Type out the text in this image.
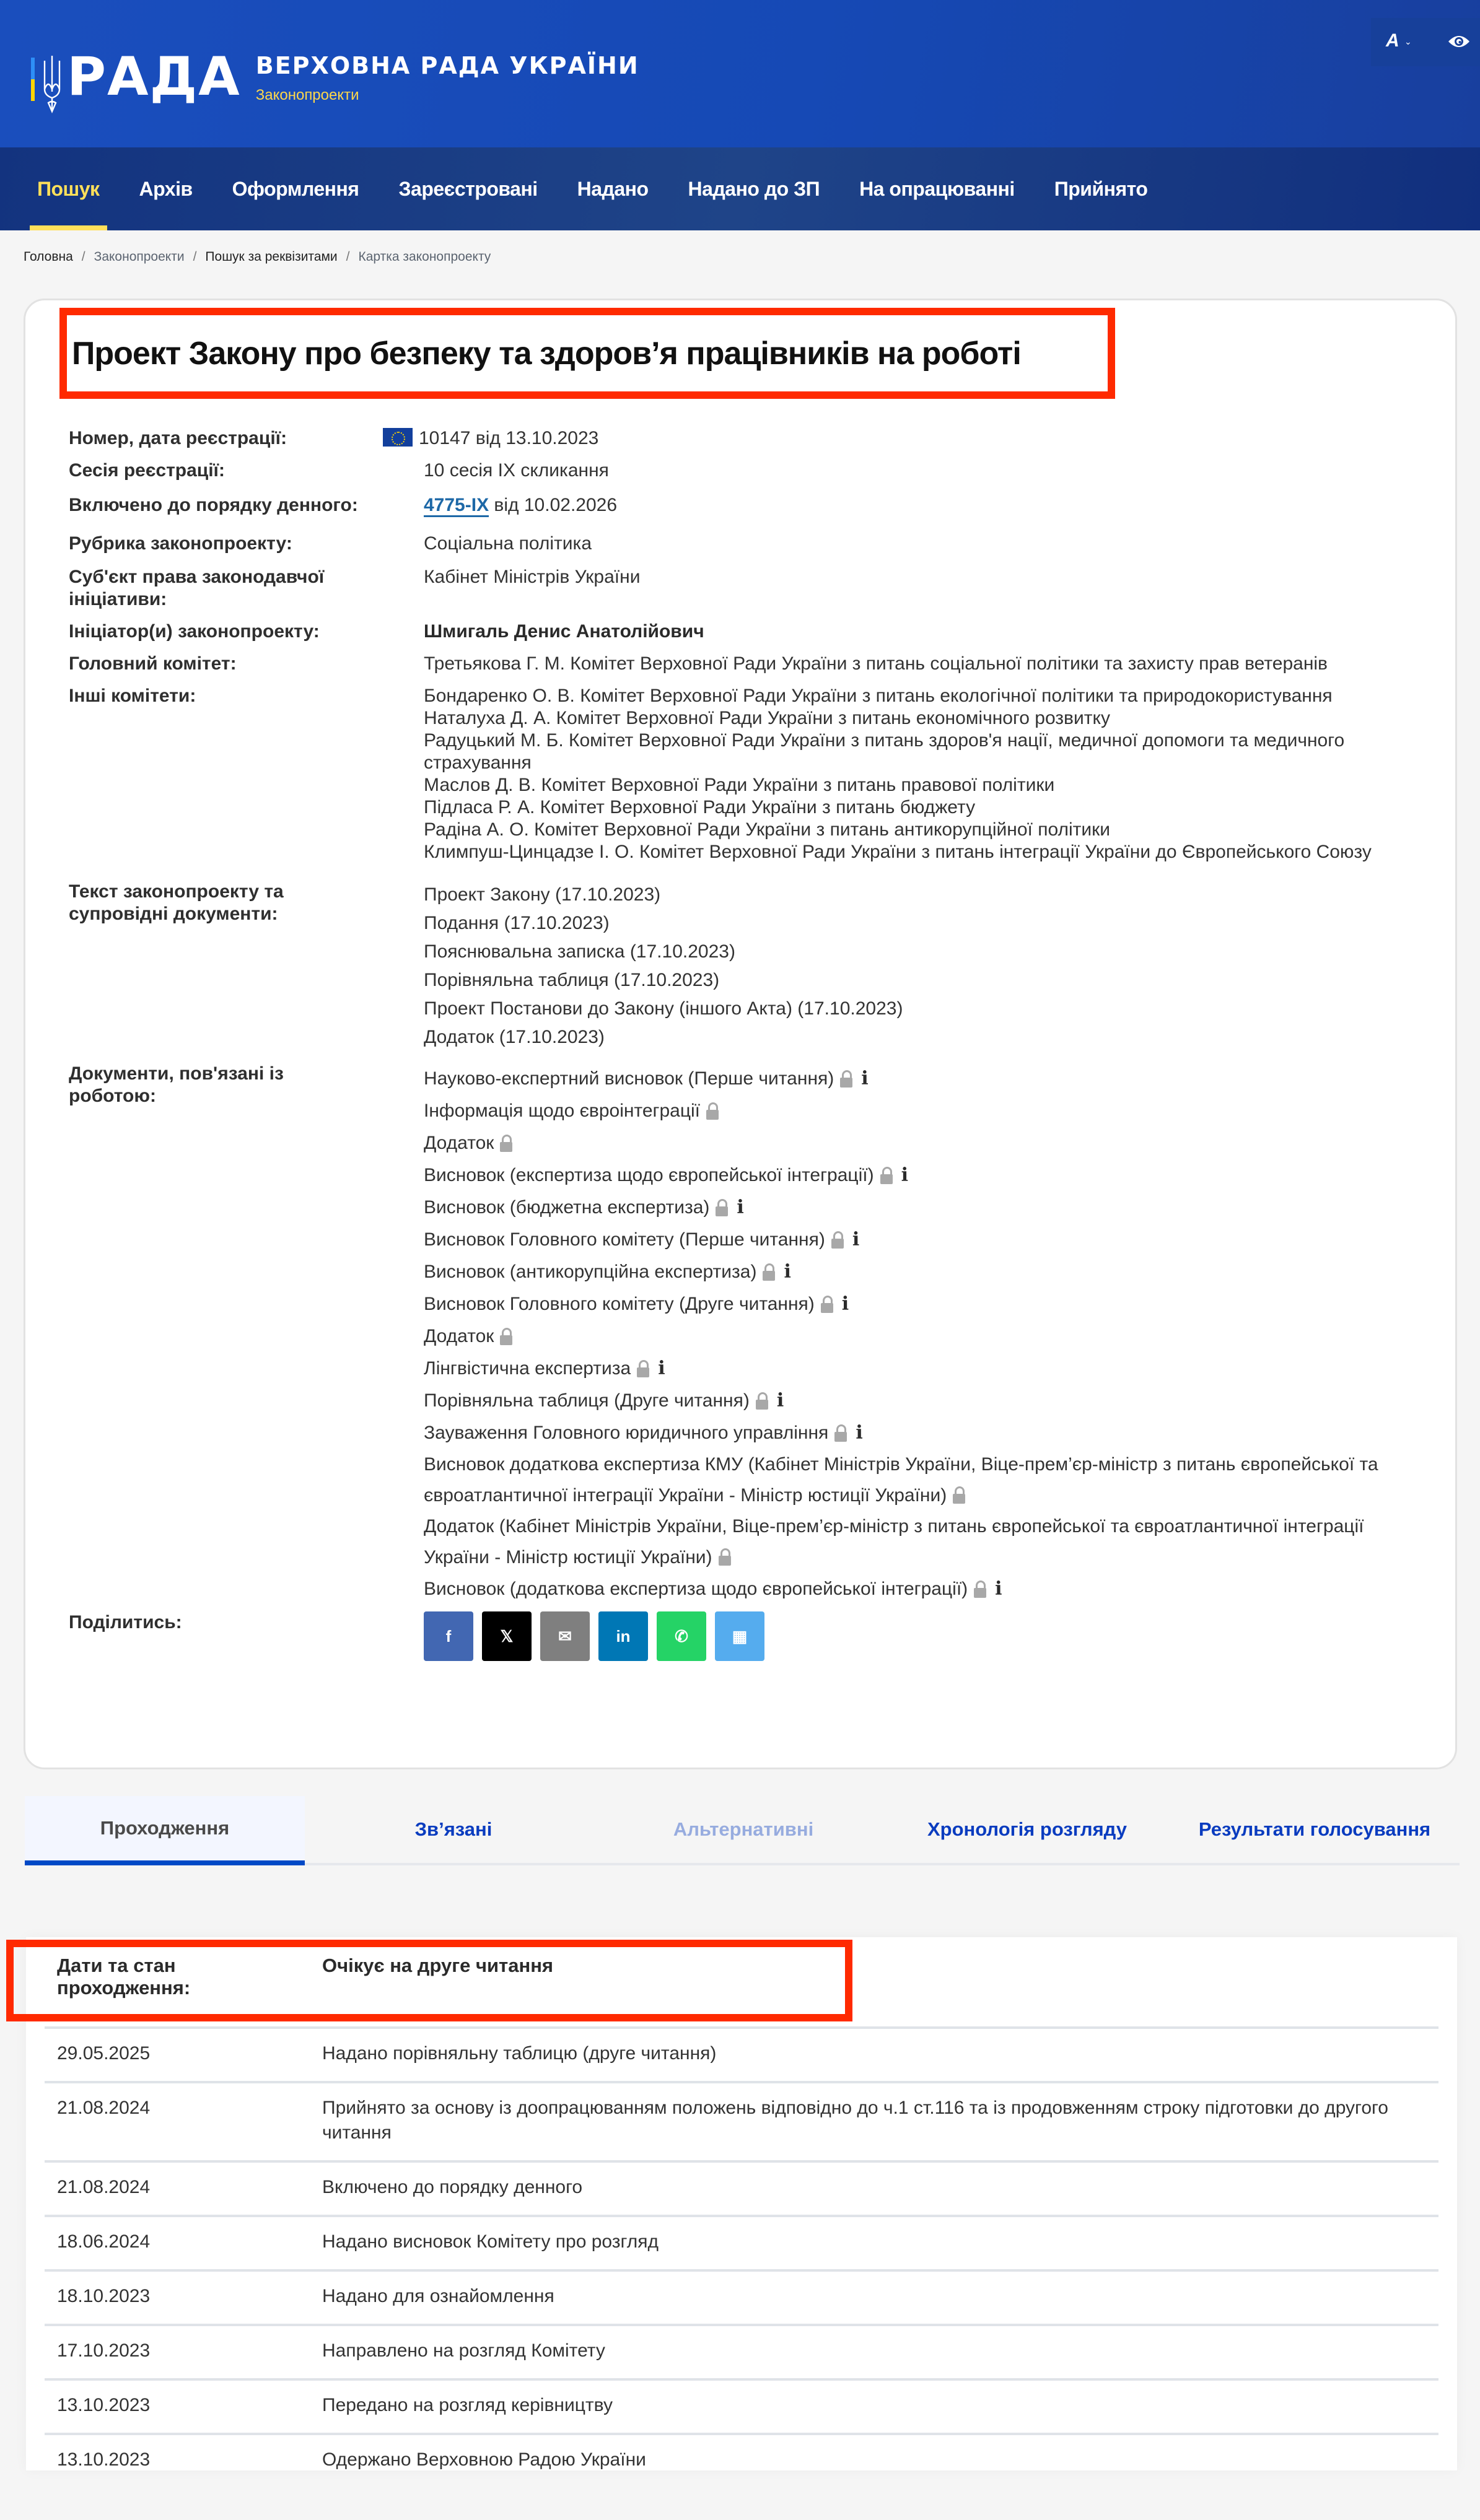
РАДА ВЕРХОВНА РАДА УКРАЇНИ
Законопроекти
A ⌄
Пошук Архів Оформлення Зареєстровані Надано Надано до ЗП На опрацюванні Прийнято
Головна / Законопроекти / Пошук за реквізитами / Картка законопроекту
Проект Закону про безпеку та здоров’я працівників на роботі
Номер, дата реєстрації:	10147 від 13.10.2023
Сесія реєстрації:	10 сесія IX скликання
Включено до порядку денного:	4775-IX від 10.02.2026
Рубрика законопроекту:	Соціальна політика
Суб'єкт права законодавчої ініціативи:
Кабінет Міністрів України
Ініціатор(и) законопроекту:	Шмигаль Денис Анатолійович
Головний комітет:	Третьякова Г. М. Комітет Верховної Ради України з питань соціальної політики та захисту прав ветеранів
Інші комітети:	Бондаренко О. В. Комітет Верховної Ради України з питань екологічної політики та природокористування
Наталуха Д. А. Комітет Верховної Ради України з питань економічного розвитку
Радуцький М. Б. Комітет Верховної Ради України з питань здоров'я нації, медичної допомоги та медичного страхування
Маслов Д. В. Комітет Верховної Ради України з питань правової політики
Підласа Р. А. Комітет Верховної Ради України з питань бюджету
Радіна А. О. Комітет Верховної Ради України з питань антикорупційної політики
Климпуш-Цинцадзе І. О. Комітет Верховної Ради України з питань інтеграції України до Європейського Союзу
Текст законопроекту та супровідні документи:
Проект Закону (17.10.2023)
Подання (17.10.2023)
Пояснювальна записка (17.10.2023)
Порівняльна таблиця (17.10.2023)
Проект Постанови до Закону (іншого Акта) (17.10.2023)
Додаток (17.10.2023)
Документи, пов'язані із роботою:
Науково-експертний висновок (Перше читання) i
Інформація щодо євроінтеграції
Додаток
Висновок (експертиза щодо європейської інтеграції) i
Висновок (бюджетна експертиза) i
Висновок Головного комітету (Перше читання) i
Висновок (антикорупційна експертиза) i
Висновок Головного комітету (Друге читання) i
Додаток
Лінгвістична експертиза i
Порівняльна таблиця (Друге читання) i
Зауваження Головного юридичного управління i
Висновок додаткова експертиза КМУ (Кабінет Міністрів України, Віце-прем’єр-міністр з питань європейської та євроатлантичної інтеграції України - Міністр юстиції України)
Додаток (Кабінет Міністрів України, Віце-прем’єр-міністр з питань європейської та євроатлантичної інтеграції України - Міністр юстиції України)
Висновок (додаткова експертиза щодо європейської інтеграції) i
Поділитись:
f	𝕏	✉	in	✆	▦
Проходження	Зв’язані	Альтернативні	Хронологія розгляду	Результати голосування
Дати та стан проходження:
Очікує на друге читання
29.05.2025	Надано порівняльну таблицю (друге читання)
21.08.2024	Прийнято за основу із доопрацюванням положень відповідно до ч.1 ст.116 та із продовженням строку підготовки до другого читання
21.08.2024	Включено до порядку денного
18.06.2024	Надано висновок Комітету про розгляд
18.10.2023	Надано для ознайомлення
17.10.2023	Направлено на розгляд Комітету
13.10.2023	Передано на розгляд керівництву
13.10.2023	Одержано Верховною Радою України
